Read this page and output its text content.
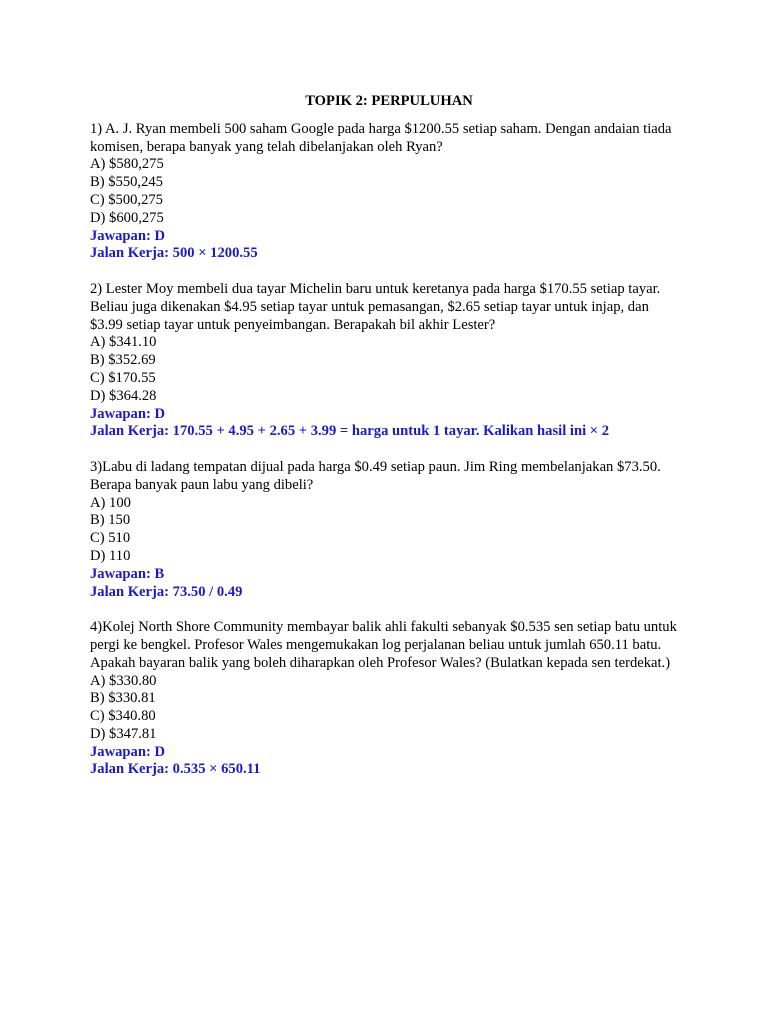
TOPIK 2: PERPULUHAN

1) A. J. Ryan membeli 500 saham Google pada harga $1200.55 setiap saham. Dengan andaian tiada komisen, berapa banyak yang telah dibelanjakan oleh Ryan?

A) $580,275

B) $550,245

C) $500,275

D) $600,275

Jawapan: D

Jalan Kerja: 500 × 1200.55

2) Lester Moy membeli dua tayar Michelin baru untuk keretanya pada harga $170.55 setiap tayar. Beliau juga dikenakan $4.95 setiap tayar untuk pemasangan, $2.65 setiap tayar untuk injap, dan $3.99 setiap tayar untuk penyeimbangan. Berapakah bil akhir Lester?

A) $341.10

B) $352.69

C) $170.55

D) $364.28

Jawapan: D

Jalan Kerja: 170.55 + 4.95 + 2.65 + 3.99 = harga untuk 1 tayar. Kalikan hasil ini × 2

3)Labu di ladang tempatan dijual pada harga $0.49 setiap paun. Jim Ring membelanjakan $73.50. Berapa banyak paun labu yang dibeli?

A) 100

B) 150

C) 510

D) 110

Jawapan: B

Jalan Kerja: 73.50 / 0.49

4)Kolej North Shore Community membayar balik ahli fakulti sebanyak $0.535 sen setiap batu untuk pergi ke bengkel. Profesor Wales mengemukakan log perjalanan beliau untuk jumlah 650.11 batu. Apakah bayaran balik yang boleh diharapkan oleh Profesor Wales? (Bulatkan kepada sen terdekat.)

A) $330.80

B) $330.81

C) $340.80

D) $347.81

Jawapan: D

Jalan Kerja: 0.535 × 650.11
